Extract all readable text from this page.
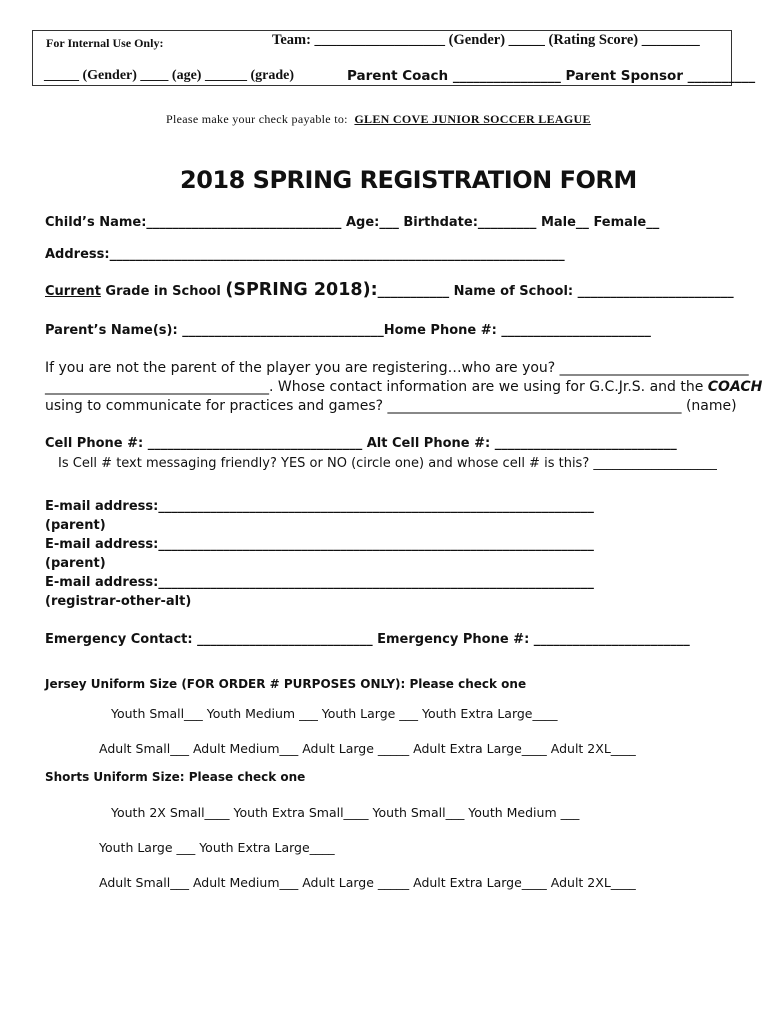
For Internal Use Only:	Team: __________________ (Gender) _____ (Rating Score) ________
_____ (Gender) ____ (age) ______ (grade)	Parent Coach ________________ Parent Sponsor __________
Please make your check payable to: GLEN COVE JUNIOR SOCCER LEAGUE
2018 SPRING REGISTRATION FORM
Child’s Name:______________________________ Age:___ Birthdate:_________ Male__ Female__
Address:______________________________________________________________________
Current Grade in School (SPRING 2018):___________ Name of School: ________________________
Parent’s Name(s): _______________________________Home Phone #: _______________________
If you are not the parent of the player you are registering…who are you? ___________________________
________________________________. Whose contact information are we using for G.C.Jr.S. and the COACH
using to communicate for practices and games? __________________________________________ (name)
Cell Phone #: _________________________________ Alt Cell Phone #: ____________________________
Is Cell # text messaging friendly? YES or NO (circle one) and whose cell # is this? ___________________
E-mail address:___________________________________________________________________
(parent)
E-mail address:___________________________________________________________________
(parent)
E-mail address:___________________________________________________________________
(registrar-other-alt)
Emergency Contact: ___________________________ Emergency Phone #: ________________________
Jersey Uniform Size (FOR ORDER # PURPOSES ONLY): Please check one
Youth Small___ Youth Medium ___ Youth Large ___ Youth Extra Large____
Adult Small___ Adult Medium___ Adult Large _____ Adult Extra Large____ Adult 2XL____
Shorts Uniform Size: Please check one
Youth 2X Small____ Youth Extra Small____ Youth Small___ Youth Medium ___
Youth Large ___ Youth Extra Large____
Adult Small___ Adult Medium___ Adult Large _____ Adult Extra Large____ Adult 2XL____
